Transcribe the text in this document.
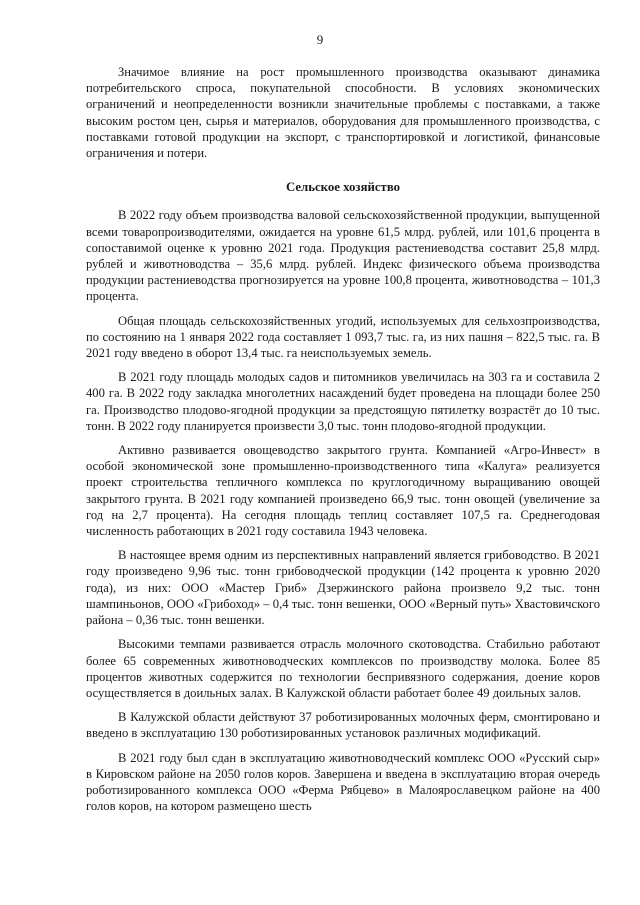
9

Значимое влияние на рост промышленного производства оказывают динамика потребительского спроса, покупательной способности. В условиях экономических ограничений и неопределенности возникли значительные проблемы с поставками, а также высоким ростом цен, сырья и материалов, оборудования для промышленного производства, с поставками готовой продукции на экспорт, с транспортировкой и логистикой, финансовые ограничения и потери.

Сельское хозяйство

В 2022 году объем производства валовой сельскохозяйственной продукции, выпущенной всеми товаропроизводителями, ожидается на уровне 61,5 млрд. рублей, или 101,6 процента в сопоставимой оценке к уровню 2021 года. Продукция растениеводства составит 25,8 млрд. рублей и животноводства – 35,6 млрд. рублей. Индекс физического объема производства продукции растениеводства прогнозируется на уровне 100,8 процента, животноводства – 101,3 процента.

Общая площадь сельскохозяйственных угодий, используемых для сельхозпроизводства, по состоянию на 1 января 2022 года составляет 1 093,7 тыс. га, из них пашня – 822,5 тыс. га. В 2021 году введено в оборот 13,4 тыс. га неиспользуемых земель.

В 2021 году площадь молодых садов и питомников увеличилась на 303 га и составила 2 400 га. В 2022 году закладка многолетних насаждений будет проведена на площади более 250 га. Производство плодово-ягодной продукции за предстоящую пятилетку возрастёт до 10 тыс. тонн. В 2022 году планируется произвести 3,0 тыс. тонн плодово-ягодной продукции.

Активно развивается овощеводство закрытого грунта. Компанией «Агро-Инвест» в особой экономической зоне промышленно-производственного типа «Калуга» реализуется проект строительства тепличного комплекса по круглогодичному выращиванию овощей закрытого грунта. В 2021 году компанией произведено 66,9 тыс. тонн овощей (увеличение за год на 2,7 процента). На сегодня площадь теплиц составляет 107,5 га. Среднегодовая численность работающих в 2021 году составила 1943 человека.

В настоящее время одним из перспективных направлений является грибоводство. В 2021 году произведено 9,96 тыс. тонн грибоводческой продукции (142 процента к уровню 2020 года), из них: ООО «Мастер Гриб» Дзержинского района произвело 9,2 тыс. тонн шампиньонов, ООО «Грибоход» – 0,4 тыс. тонн вешенки, ООО «Верный путь» Хвастовичского района – 0,36 тыс. тонн вешенки.

Высокими темпами развивается отрасль молочного скотоводства. Стабильно работают более 65 современных животноводческих комплексов по производству молока. Более 85 процентов животных содержится по технологии беспривязного содержания, доение коров осуществляется в доильных залах. В Калужской области работает более 49 доильных залов.

В Калужской области действуют 37 роботизированных молочных ферм, смонтировано и введено в эксплуатацию 130 роботизированных установок различных модификаций.

В 2021 году был сдан в эксплуатацию животноводческий комплекс ООО «Русский сыр» в Кировском районе на 2050 голов коров. Завершена и введена в эксплуатацию вторая очередь роботизированного комплекса ООО «Ферма Рябцево» в Малоярославецком районе на 400 голов коров, на котором размещено шесть
